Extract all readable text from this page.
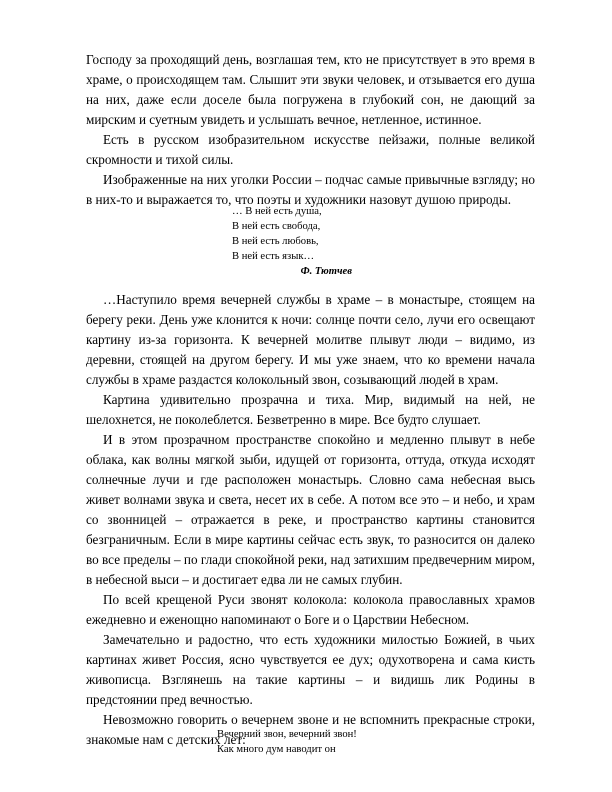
Господу за проходящий день, возглашая тем, кто не присутствует в это время в храме, о происходящем там. Слышит эти звуки человек, и отзывается его душа на них, даже если доселе была погружена в глубокий сон, не дающий за мирским и суетным увидеть и услышать вечное, нетленное, истинное.

Есть в русском изобразительном искусстве пейзажи, полные великой скромности и тихой силы.

Изображенные на них уголки России – подчас самые привычные взгляду; но в них-то и выражается то, что поэты и художники назовут душою природы.

… В ней есть душа,
В ней есть свобода,
В ней есть любовь,
В ней есть язык…
Ф. Тютчев

…Наступило время вечерней службы в храме – в монастыре, стоящем на берегу реки. День уже клонится к ночи: солнце почти село, лучи его освещают картину из-за горизонта. К вечерней молитве плывут люди – видимо, из деревни, стоящей на другом берегу. И мы уже знаем, что ко времени начала службы в храме раздастся колокольный звон, созывающий людей в храм.

Картина удивительно прозрачна и тиха. Мир, видимый на ней, не шелохнется, не поколеблется. Безветренно в мире. Все будто слушает.

И в этом прозрачном пространстве спокойно и медленно плывут в небе облака, как волны мягкой зыби, идущей от горизонта, оттуда, откуда исходят солнечные лучи и где расположен монастырь. Словно сама небесная высь живет волнами звука и света, несет их в себе. А потом все это – и небо, и храм со звонницей – отражается в реке, и пространство картины становится безграничным. Если в мире картины сейчас есть звук, то разносится он далеко во все пределы – по глади спокойной реки, над затихшим предвечерним миром, в небесной выси – и достигает едва ли не самых глубин.

По всей крещеной Руси звонят колокола: колокола православных храмов ежедневно и еженощно напоминают о Боге и о Царствии Небесном.

Замечательно и радостно, что есть художники милостью Божией, в чьих картинах живет Россия, ясно чувствуется ее дух; одухотворена и сама кисть живописца. Взглянешь на такие картины – и видишь лик Родины в предстоянии пред вечностью.

Невозможно говорить о вечернем звоне и не вспомнить прекрасные строки, знакомые нам с детских лет:

Вечерний звон, вечерний звон!
Как много дум наводит он
